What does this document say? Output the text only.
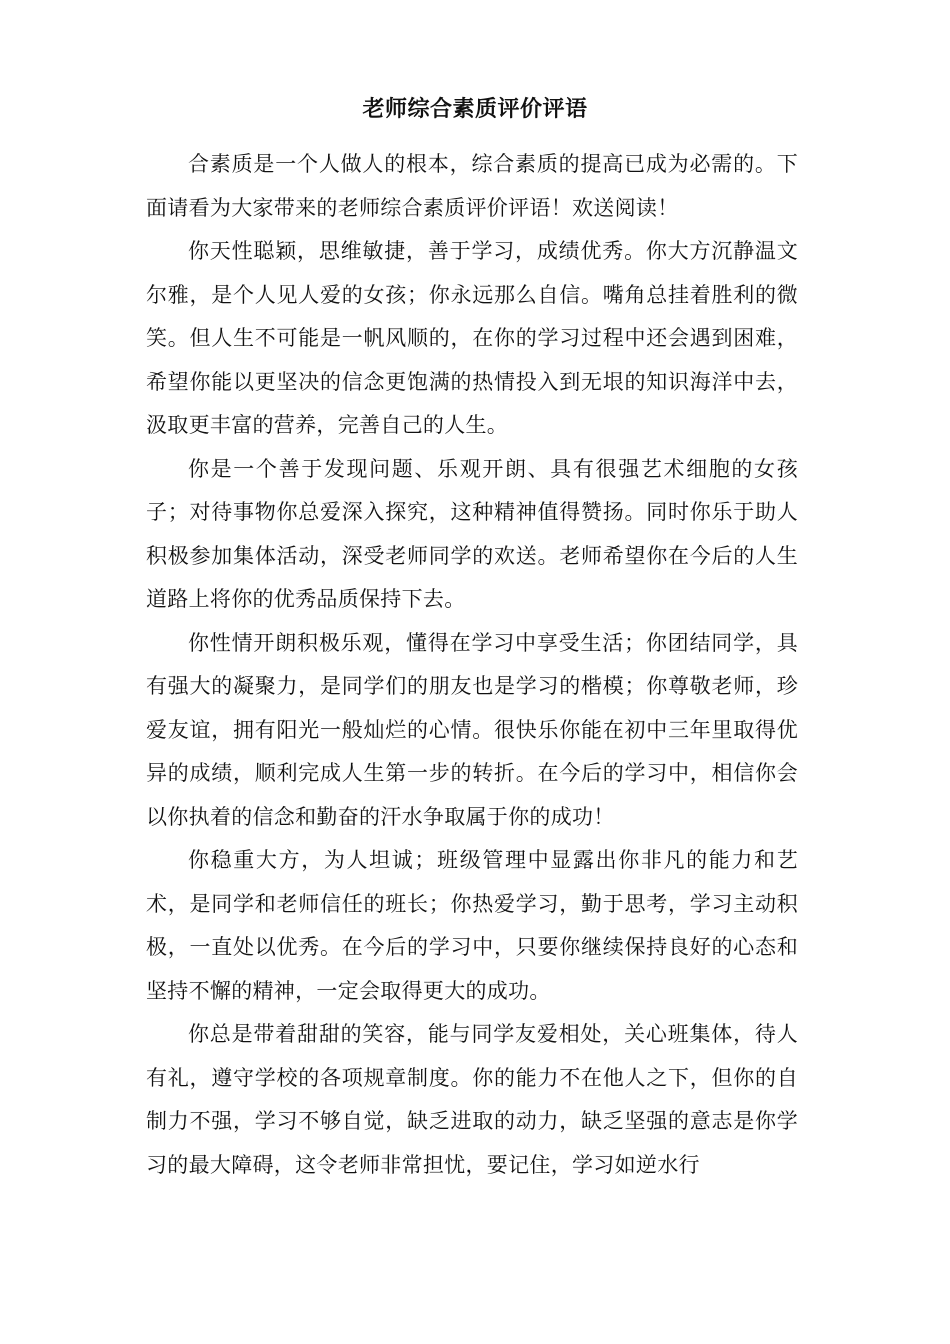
老师综合素质评价评语

合素质是一个人做人的根本，综合素质的提高已成为必需的。下面请看为大家带来的老师综合素质评价评语！欢送阅读！

你天性聪颖，思维敏捷，善于学习，成绩优秀。你大方沉静温文尔雅，是个人见人爱的女孩；你永远那么自信。嘴角总挂着胜利的微笑。但人生不可能是一帆风顺的，在你的学习过程中还会遇到困难，希望你能以更坚决的信念更饱满的热情投入到无垠的知识海洋中去，汲取更丰富的营养，完善自己的人生。

你是一个善于发现问题、乐观开朗、具有很强艺术细胞的女孩子；对待事物你总爱深入探究，这种精神值得赞扬。同时你乐于助人积极参加集体活动，深受老师同学的欢送。老师希望你在今后的人生道路上将你的优秀品质保持下去。

你性情开朗积极乐观，懂得在学习中享受生活；你团结同学，具有强大的凝聚力，是同学们的朋友也是学习的楷模；你尊敬老师，珍爱友谊，拥有阳光一般灿烂的心情。很快乐你能在初中三年里取得优异的成绩，顺利完成人生第一步的转折。在今后的学习中，相信你会以你执着的信念和勤奋的汗水争取属于你的成功！

你稳重大方，为人坦诚；班级管理中显露出你非凡的能力和艺术，是同学和老师信任的班长；你热爱学习，勤于思考，学习主动积极，一直处以优秀。在今后的学习中，只要你继续保持良好的心态和坚持不懈的精神，一定会取得更大的成功。

你总是带着甜甜的笑容，能与同学友爱相处，关心班集体，待人有礼，遵守学校的各项规章制度。你的能力不在他人之下，但你的自制力不强，学习不够自觉，缺乏进取的动力，缺乏坚强的意志是你学习的最大障碍，这令老师非常担忧，要记住，学习如逆水行
